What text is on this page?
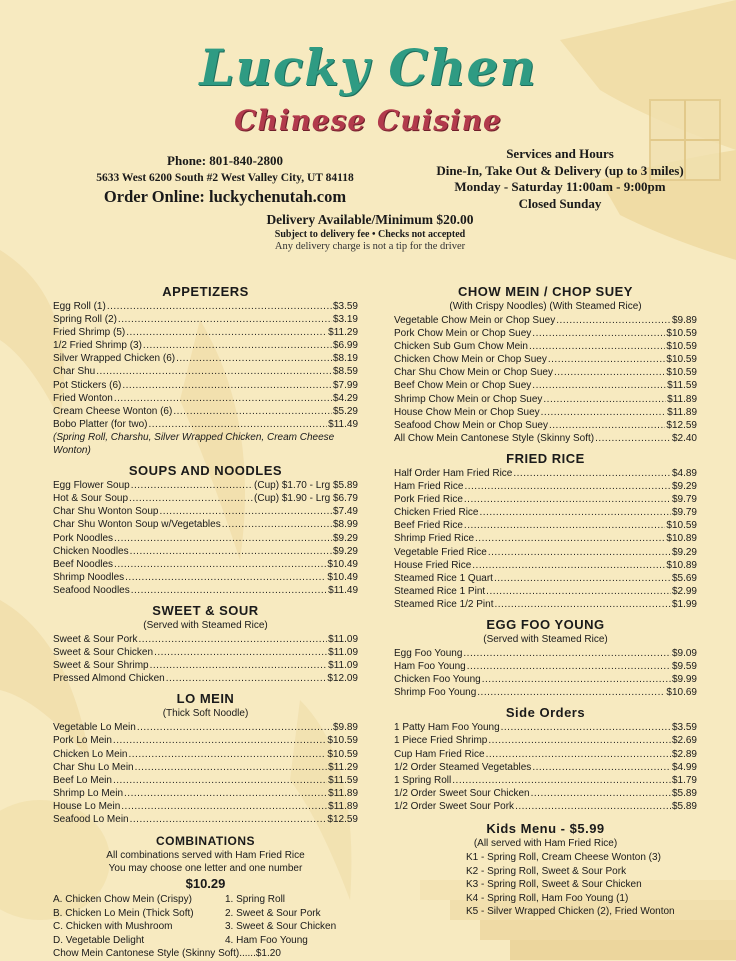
Lucky Chen
Chinese Cuisine
Phone: 801-840-2800
5633 West 6200 South #2 West Valley City, UT 84118
Order Online: luckychenutah.com
Services and Hours
Dine-In, Take Out & Delivery (up to 3 miles)
Monday - Saturday 11:00am - 9:00pm
Closed Sunday
Delivery Available/Minimum $20.00
Subject to delivery fee • Checks not accepted
Any delivery charge is not a tip for the driver
APPETIZERS
Egg Roll (1) .....	$3.59
Spring Roll (2) .....	$3.19
Fried Shrimp (5) .....	$11.29
1/2 Fried Shrimp (3) .....	$6.99
Silver Wrapped Chicken (6) .....	$8.19
Char Shu .....	$8.59
Pot Stickers (6) .....	$7.99
Fried Wonton .....	$4.29
Cream Cheese Wonton (6) .....	$5.29
Bobo Platter (for two) .....	$11.49
(Spring Roll, Charshu, Silver Wrapped Chicken, Cream Cheese Wonton)
SOUPS AND NOODLES
Egg Flower Soup .....	(Cup) $1.70 - Lrg $5.89
Hot & Sour Soup .....	(Cup) $1.90 - Lrg $6.79
Char Shu Wonton Soup .....	$7.49
Char Shu Wonton Soup w/Vegetables .....	$8.99
Pork Noodles .....	$9.29
Chicken Noodles .....	$9.29
Beef Noodles .....	$10.49
Shrimp Noodles .....	$10.49
Seafood Noodles .....	$11.49
SWEET & SOUR
(Served with Steamed Rice)
Sweet & Sour Pork .....	$11.09
Sweet & Sour Chicken .....	$11.09
Sweet & Sour Shrimp .....	$11.09
Pressed Almond Chicken .....	$12.09
LO MEIN
(Thick Soft Noodle)
Vegetable Lo Mein .....	$9.89
Pork Lo Mein .....	$10.59
Chicken Lo Mein .....	$10.59
Char Shu Lo Mein .....	$11.29
Beef Lo Mein .....	$11.59
Shrimp Lo Mein .....	$11.89
House Lo Mein .....	$11.89
Seafood Lo Mein .....	$12.59
COMBINATIONS
All combinations served with Ham Fried Rice
You may choose one letter and one number
$10.29
A. Chicken Chow Mein (Crispy)
B. Chicken Lo Mein (Thick Soft)
C. Chicken with Mushroom
D. Vegetable Delight
1. Spring Roll
2. Sweet & Sour Pork
3. Sweet & Sour Chicken
4. Ham Foo Young
Chow Mein Cantonese Style (Skinny Soft)......$1.20
CHOW MEIN / CHOP SUEY
(With Crispy Noodles) (With Steamed Rice)
Vegetable Chow Mein or Chop Suey .....	$9.89
Pork Chow Mein or Chop Suey .....	$10.59
Chicken Sub Gum Chow Mein .....	$10.59
Chicken Chow Mein or Chop Suey .....	$10.59
Char Shu Chow Mein or Chop Suey .....	$10.59
Beef Chow Mein or Chop Suey .....	$11.59
Shrimp Chow Mein or Chop Suey .....	$11.89
House Chow Mein or Chop Suey .....	$11.89
Seafood Chow Mein or Chop Suey .....	$12.59
All Chow Mein Cantonese Style (Skinny Soft) .....	$2.40
FRIED RICE
Half Order Ham Fried Rice .....	$4.89
Ham Fried Rice .....	$9.29
Pork Fried Rice .....	$9.79
Chicken Fried Rice .....	$9.79
Beef Fried Rice .....	$10.59
Shrimp Fried Rice .....	$10.89
Vegetable Fried Rice .....	$9.29
House Fried Rice .....	$10.89
Steamed Rice 1 Quart .....	$5.69
Steamed Rice 1 Pint .....	$2.99
Steamed Rice 1/2 Pint .....	$1.99
EGG FOO YOUNG
(Served with Steamed Rice)
Egg Foo Young .....	$9.09
Ham Foo Young .....	$9.59
Chicken Foo Young .....	$9.99
Shrimp Foo Young .....	$10.69
Side Orders
1 Patty Ham Foo Young .....	$3.59
1 Piece Fried Shrimp .....	$2.69
Cup Ham Fried Rice .....	$2.89
1/2 Order Steamed Vegetables .....	$4.99
1 Spring Roll .....	$1.79
1/2 Order Sweet Sour Chicken .....	$5.89
1/2 Order Sweet Sour Pork .....	$5.89
Kids Menu - $5.99
(All served with Ham Fried Rice)
K1 - Spring Roll, Cream Cheese Wonton (3)
K2 - Spring Roll, Sweet & Sour Pork
K3 - Spring Roll, Sweet & Sour Chicken
K4 - Spring Roll, Ham Foo Young (1)
K5 - Silver Wrapped Chicken (2), Fried Wonton
